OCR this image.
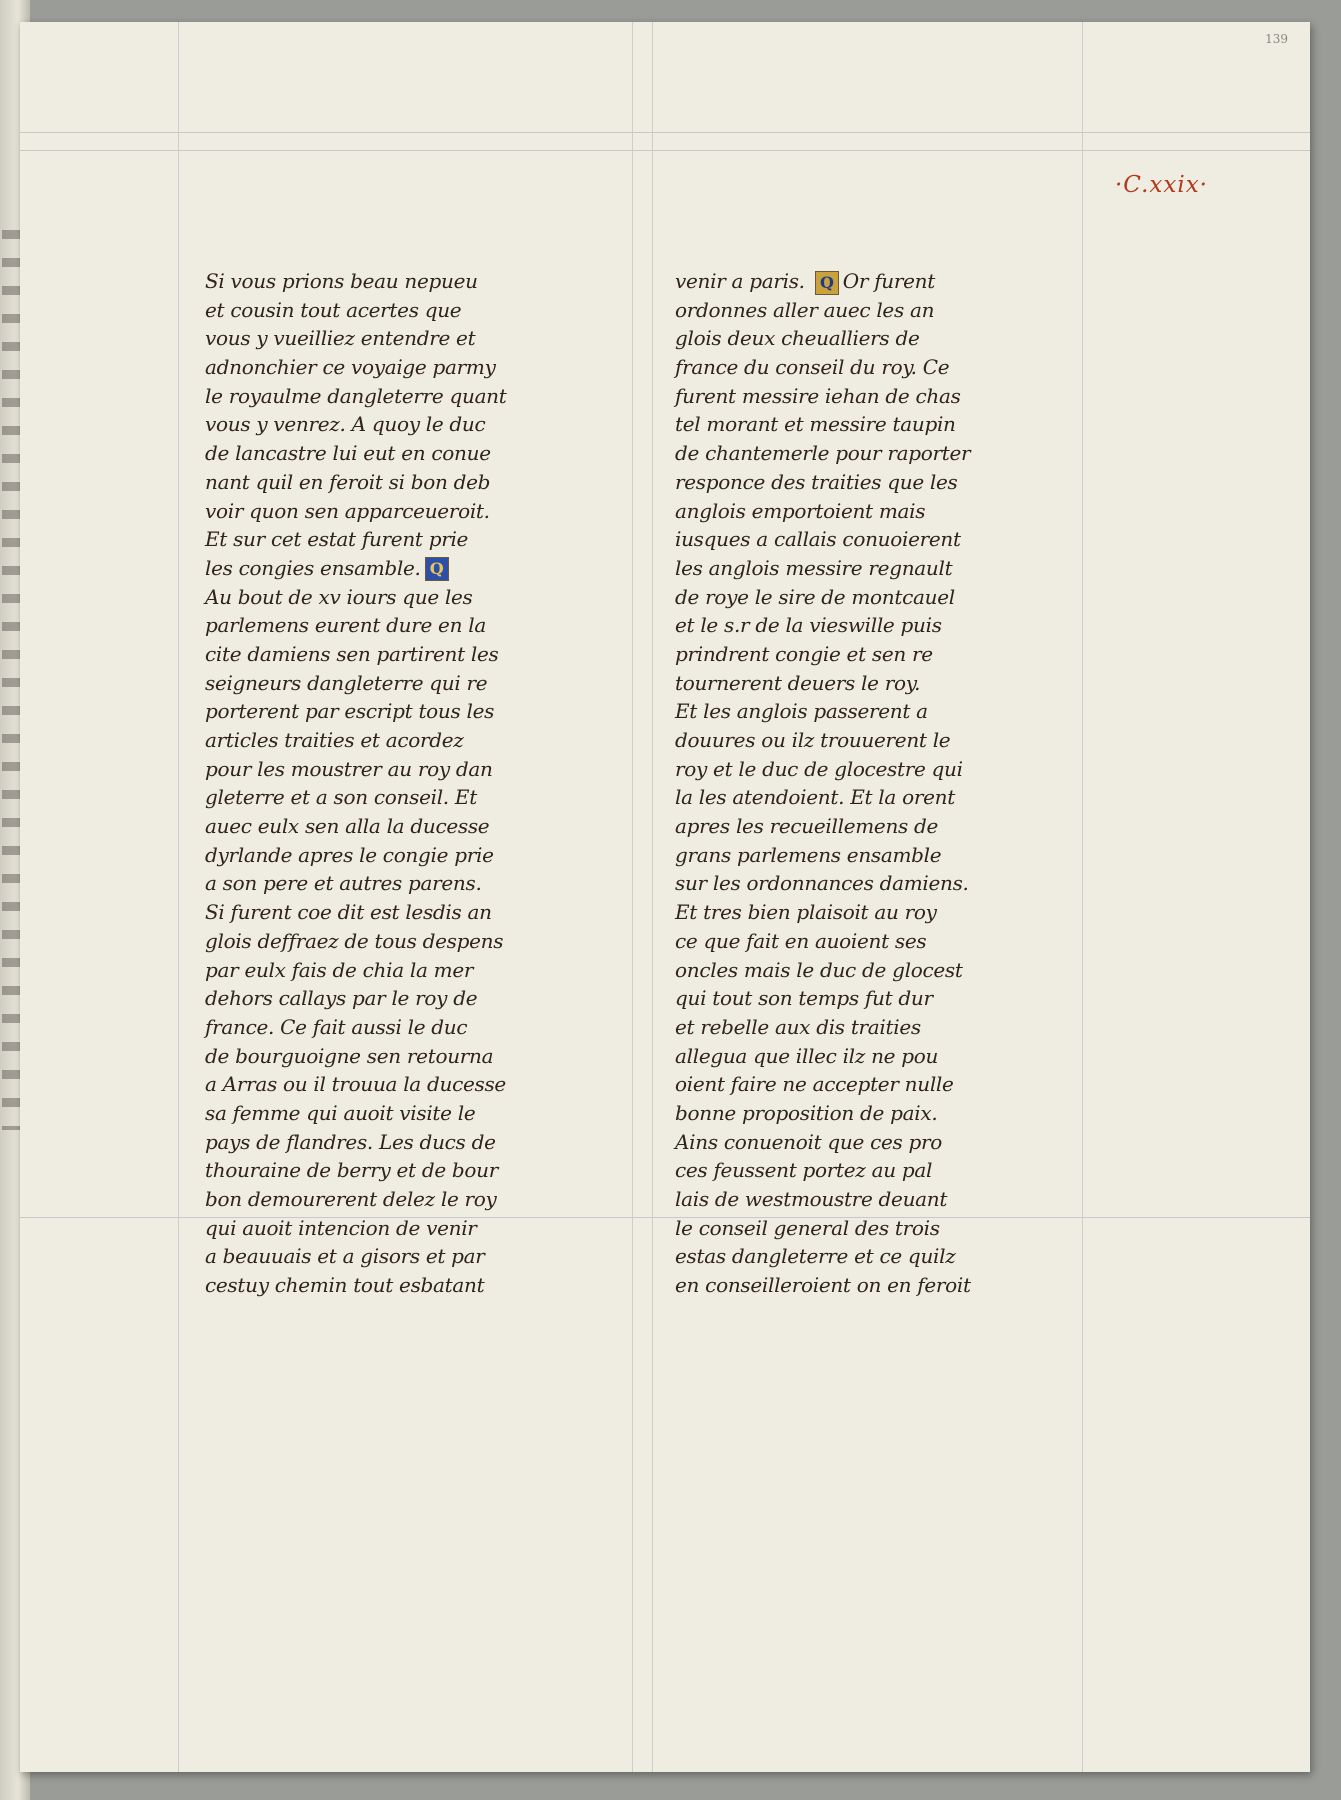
139
·C.xxix·
Si vous prions beau nepueu
et cousin tout acertes que
vous y vueilliez entendre et
adnonchier ce voyaige parmy
le royaulme dangleterre quant
vous y venrez. A quoy le duc
de lancastre lui eut en conue
nant quil en feroit si bon deb
voir quon sen apparceueroit.
Et sur cet estat furent prie
les congies ensamble. Q
Au bout de xv iours que les
parlemens eurent dure en la
cite damiens sen partirent les
seigneurs dangleterre qui re
porterent par escript tous les
articles traities et acordez
pour les moustrer au roy dan
gleterre et a son conseil. Et
auec eulx sen alla la ducesse
dyrlande apres le congie prie
a son pere et autres parens.
Si furent coe dit est lesdis an
glois deffraez de tous despens
par eulx fais de chia la mer
dehors callays par le roy de
france. Ce fait aussi le duc
de bourguoigne sen retourna
a Arras ou il trouua la ducesse
sa femme qui auoit visite le
pays de flandres. Les ducs de
thouraine de berry et de bour
bon demourerent delez le roy
qui auoit intencion de venir
a beauuais et a gisors et par
cestuy chemin tout esbatant
venir a paris. Q Or furent
ordonnes aller auec les an
glois deux cheualliers de
france du conseil du roy. Ce
furent messire iehan de chas
tel morant et messire taupin
de chantemerle pour raporter
responce des traities que les
anglois emportoient mais
iusques a callais conuoierent
les anglois messire regnault
de roye le sire de montcauel
et le s.r de la vieswille puis
prindrent congie et sen re
tournerent deuers le roy.
Et les anglois passerent a
douures ou ilz trouuerent le
roy et le duc de glocestre qui
la les atendoient. Et la orent
apres les recueillemens de
grans parlemens ensamble
sur les ordonnances damiens.
Et tres bien plaisoit au roy
ce que fait en auoient ses
oncles mais le duc de glocest
qui tout son temps fut dur
et rebelle aux dis traities
allegua que illec ilz ne pou
oient faire ne accepter nulle
bonne proposition de paix.
Ains conuenoit que ces pro
ces feussent portez au pal
lais de westmoustre deuant
le conseil general des trois
estas dangleterre et ce quilz
en conseilleroient on en feroit
